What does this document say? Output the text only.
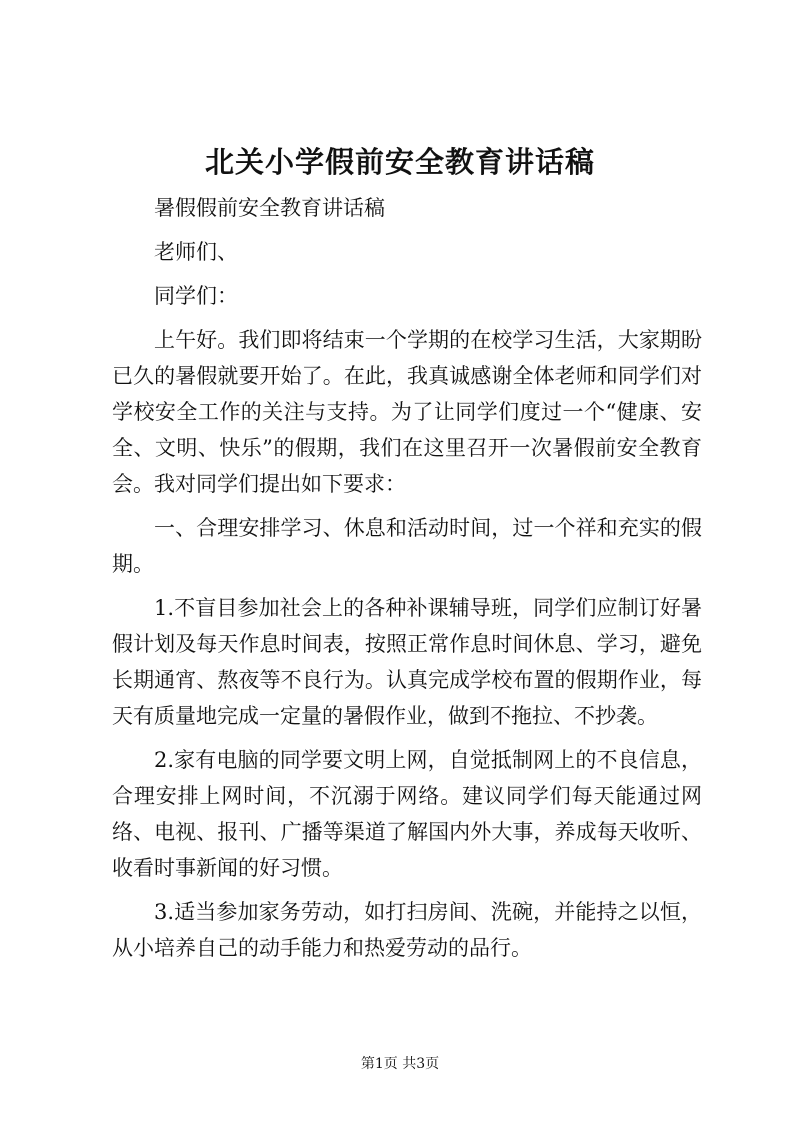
北关小学假前安全教育讲话稿

暑假假前安全教育讲话稿

老师们、

同学们：

上午好。我们即将结束一个学期的在校学习生活，大家期盼已久的暑假就要开始了。在此，我真诚感谢全体老师和同学们对学校安全工作的关注与支持。为了让同学们度过一个“健康、安全、文明、快乐”的假期，我们在这里召开一次暑假前安全教育会。我对同学们提出如下要求：

一、合理安排学习、休息和活动时间，过一个祥和充实的假期。

1.不盲目参加社会上的各种补课辅导班，同学们应制订好暑假计划及每天作息时间表，按照正常作息时间休息、学习，避免长期通宵、熬夜等不良行为。认真完成学校布置的假期作业，每天有质量地完成一定量的暑假作业，做到不拖拉、不抄袭。

2.家有电脑的同学要文明上网，自觉抵制网上的不良信息，合理安排上网时间，不沉溺于网络。建议同学们每天能通过网络、电视、报刊、广播等渠道了解国内外大事，养成每天收听、收看时事新闻的好习惯。

3.适当参加家务劳动，如打扫房间、洗碗，并能持之以恒，从小培养自己的动手能力和热爱劳动的品行。

第1页 共3页
